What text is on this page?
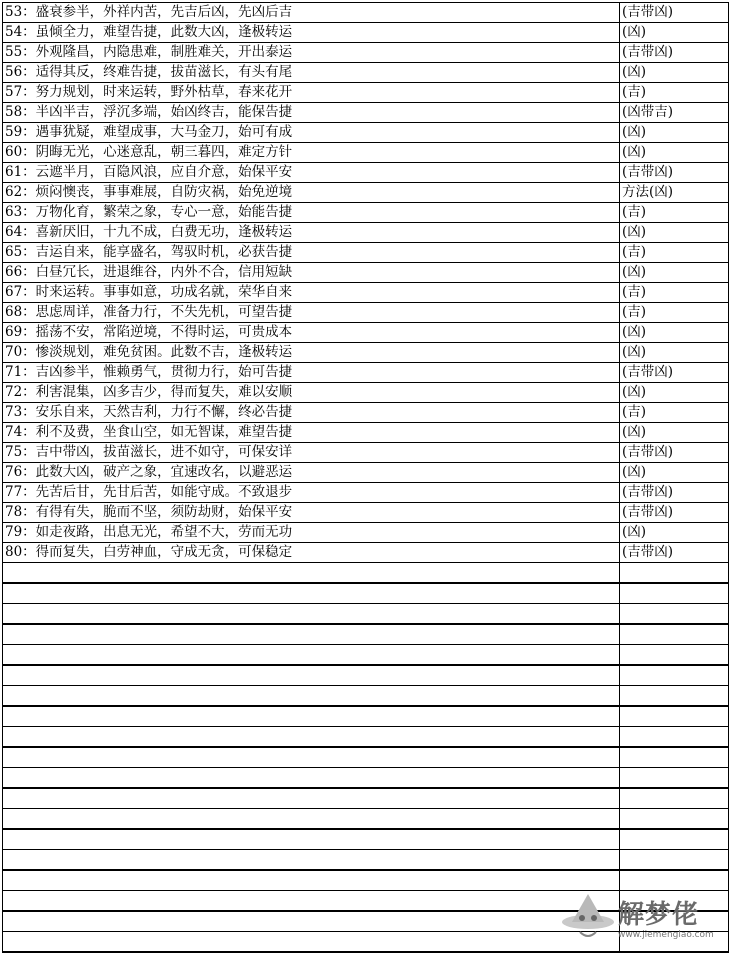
53：盛衰参半，外祥内苦，先吉后凶，先凶后吉	(吉带凶)
54：虽倾全力，难望告捷，此数大凶，逢极转运	(凶)
55：外观隆昌，内隐患难，制胜难关，开出泰运	(吉带凶)
56：适得其反，终难告捷，拔苗滋长，有头有尾	(凶)
57：努力规划，时来运转，野外枯草，春来花开	(吉)
58：半凶半吉，浮沉多端，始凶终吉，能保告捷	(凶带吉)
59：遇事犹疑，难望成事，大马金刀，始可有成	(凶)
60：阴晦无光，心迷意乱，朝三暮四，难定方针	(凶)
61：云遮半月，百隐风浪，应自介意，始保平安	(吉带凶)
62：烦闷懊丧，事事难展，自防灾祸，始免逆境	方法(凶)
63：万物化育，繁荣之象，专心一意，始能告捷	(吉)
64：喜新厌旧，十九不成，白费无功，逢极转运	(凶)
65：吉运自来，能享盛名，驾驭时机，必获告捷	(吉)
66：白昼冗长，进退维谷，内外不合，信用短缺	(凶)
67：时来运转。事事如意，功成名就，荣华自来	(吉)
68：思虑周详，准备力行，不失先机，可望告捷	(吉)
69：摇荡不安，常陷逆境，不得时运，可贵成本	(凶)
70：惨淡规划，难免贫困。此数不吉，逢极转运	(凶)
71：吉凶参半，惟赖勇气，贯彻力行，始可告捷	(吉带凶)
72：利害混集，凶多吉少，得而复失，难以安顺	(凶)
73：安乐自来，天然吉利，力行不懈，终必告捷	(吉)
74：利不及费，坐食山空，如无智谋，难望告捷	(凶)
75：吉中带凶，拔苗滋长，进不如守，可保安详	(吉带凶)
76：此数大凶，破产之象，宜速改名，以避恶运	(凶)
77：先苦后甘，先甘后苦，如能守成。不致退步	(吉带凶)
78：有得有失，脆而不坚，须防劫财，始保平安	(吉带凶)
79：如走夜路，出息无光，希望不大，劳而无功	(凶)
80：得而复失，白劳神血，守成无贪，可保稳定	(吉带凶)

解梦佬
www.jiemenglao.com
